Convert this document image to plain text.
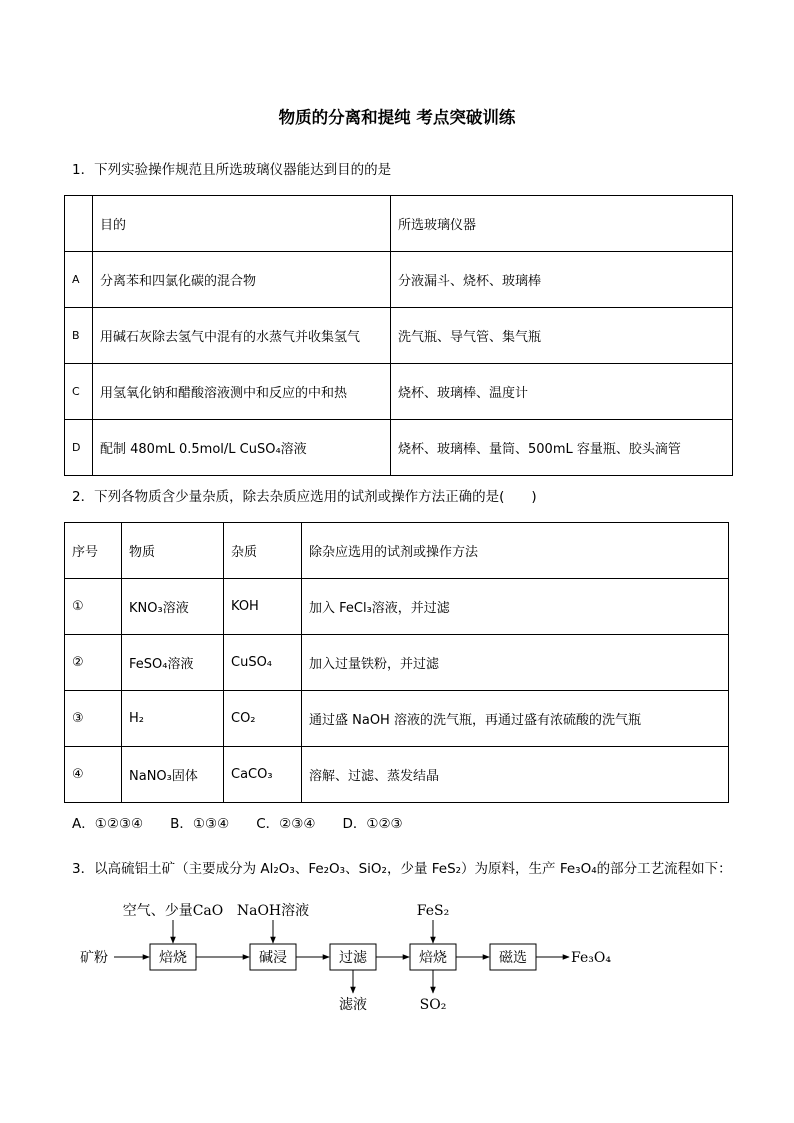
物质的分离和提纯 考点突破训练
1．下列实验操作规范且所选玻璃仪器能达到目的的是
	目的	所选玻璃仪器
A	分离苯和四氯化碳的混合物	分液漏斗、烧杯、玻璃棒
B	用碱石灰除去氢气中混有的水蒸气并收集氢气	洗气瓶、导气管、集气瓶
C	用氢氧化钠和醋酸溶液测中和反应的中和热	烧杯、玻璃棒、温度计
D	配制 480mL 0.5mol/L CuSO₄溶液	烧杯、玻璃棒、量筒、500mL 容量瓶、胶头滴管
2．下列各物质含少量杂质，除去杂质应选用的试剂或操作方法正确的是(　　)
序号	物质	杂质	除杂应选用的试剂或操作方法
①	KNO₃溶液	KOH	加入 FeCl₃溶液，并过滤
②	FeSO₄溶液	CuSO₄	加入过量铁粉，并过滤
③	H₂	CO₂	通过盛 NaOH 溶液的洗气瓶，再通过盛有浓硫酸的洗气瓶
④	NaNO₃固体	CaCO₃	溶解、过滤、蒸发结晶
A．①②③④　　B．①③④　　C．②③④　　D．①②③
3．以高硫铝土矿（主要成分为 Al₂O₃、Fe₂O₃、SiO₂，少量 FeS₂）为原料，生产 Fe₃O₄的部分工艺流程如下：
矿粉	焙烧	碱浸	过滤	焙烧	磁选	Fe₃O₄
空气、少量CaO NaOH溶液	FeS₂
滤液	SO₂
